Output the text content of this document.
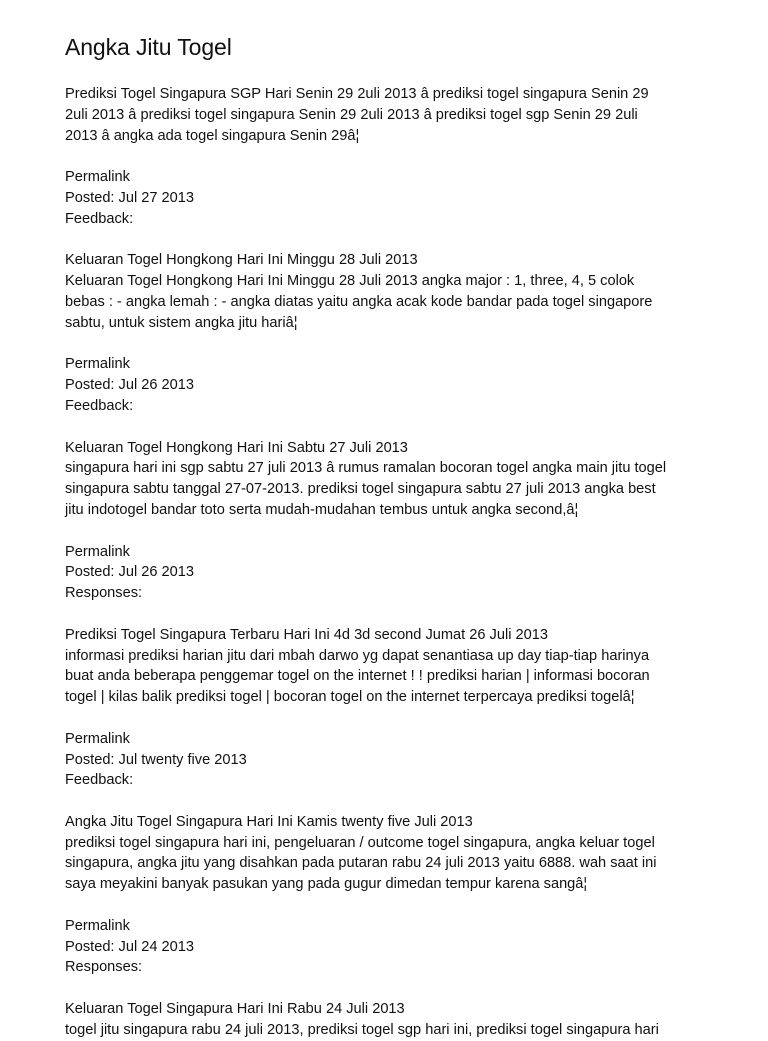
Angka Jitu Togel
Prediksi Togel Singapura SGP Hari Senin 29 2uli 2013 â prediksi togel singapura Senin 29
2uli 2013 â prediksi togel singapura Senin 29 2uli 2013 â prediksi togel sgp Senin 29 2uli
2013 â angka ada togel singapura Senin 29â¦
Permalink
Posted: Jul 27 2013
Feedback:
Keluaran Togel Hongkong Hari Ini Minggu 28 Juli 2013
Keluaran Togel Hongkong Hari Ini Minggu 28 Juli 2013 angka major : 1, three, 4, 5 colok
bebas : - angka lemah : - angka diatas yaitu angka acak kode bandar pada togel singapore
sabtu, untuk sistem angka jitu hariâ¦
Permalink
Posted: Jul 26 2013
Feedback:
Keluaran Togel Hongkong Hari Ini Sabtu 27 Juli 2013
singapura hari ini sgp sabtu 27 juli 2013 â rumus ramalan bocoran togel angka main jitu togel
singapura sabtu tanggal 27-07-2013. prediksi togel singapura sabtu 27 juli 2013 angka best
jitu indotogel bandar toto serta mudah-mudahan tembus untuk angka second,â¦
Permalink
Posted: Jul 26 2013
Responses:
Prediksi Togel Singapura Terbaru Hari Ini 4d 3d second Jumat 26 Juli 2013
informasi prediksi harian jitu dari mbah darwo yg dapat senantiasa up day tiap-tiap harinya
buat anda beberapa penggemar togel on the internet ! ! prediksi harian | informasi bocoran
togel | kilas balik prediksi togel | bocoran togel on the internet terpercaya prediksi togelâ¦
Permalink
Posted: Jul twenty five 2013
Feedback:
Angka Jitu Togel Singapura Hari Ini Kamis twenty five Juli 2013
prediksi togel singapura hari ini, pengeluaran / outcome togel singapura, angka keluar togel
singapura, angka jitu yang disahkan pada putaran rabu 24 juli 2013 yaitu 6888. wah saat ini
saya meyakini banyak pasukan yang pada gugur dimedan tempur karena sangâ¦
Permalink
Posted: Jul 24 2013
Responses:
Keluaran Togel Singapura Hari Ini Rabu 24 Juli 2013
togel jitu singapura rabu 24 juli 2013, prediksi togel sgp hari ini, prediksi togel singapura hari
